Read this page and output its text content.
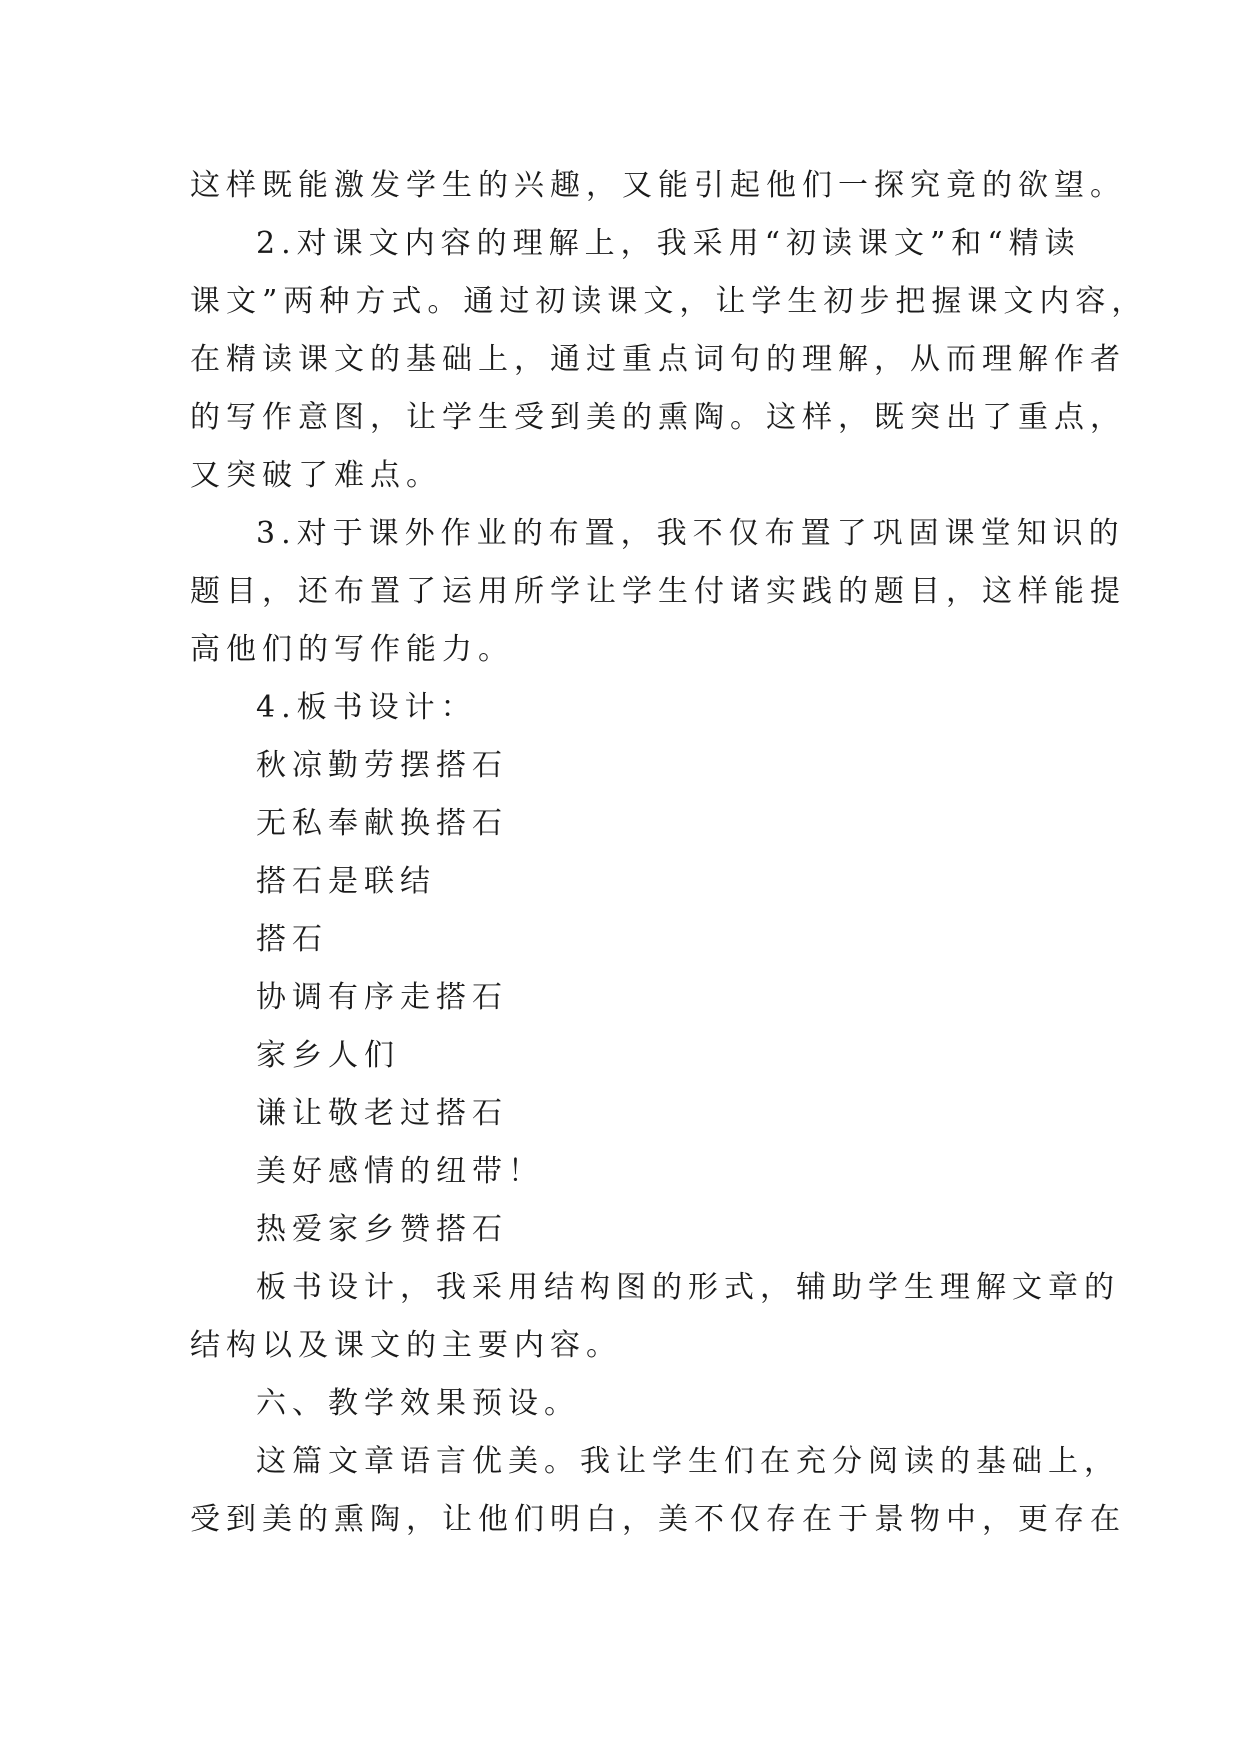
这样既能激发学生的兴趣，又能引起他们一探究竟的欲望。
2.对课文内容的理解上，我采用“初读课文”和“精读
课文”两种方式。通过初读课文，让学生初步把握课文内容，
在精读课文的基础上，通过重点词句的理解，从而理解作者
的写作意图，让学生受到美的熏陶。这样，既突出了重点，
又突破了难点。
3.对于课外作业的布置，我不仅布置了巩固课堂知识的
题目，还布置了运用所学让学生付诸实践的题目，这样能提
高他们的写作能力。
4.板书设计：
秋凉勤劳摆搭石
无私奉献换搭石
搭石是联结
搭石
协调有序走搭石
家乡人们
谦让敬老过搭石
美好感情的纽带！
热爱家乡赞搭石
板书设计，我采用结构图的形式，辅助学生理解文章的
结构以及课文的主要内容。
六、教学效果预设。
这篇文章语言优美。我让学生们在充分阅读的基础上，
受到美的熏陶，让他们明白，美不仅存在于景物中，更存在
